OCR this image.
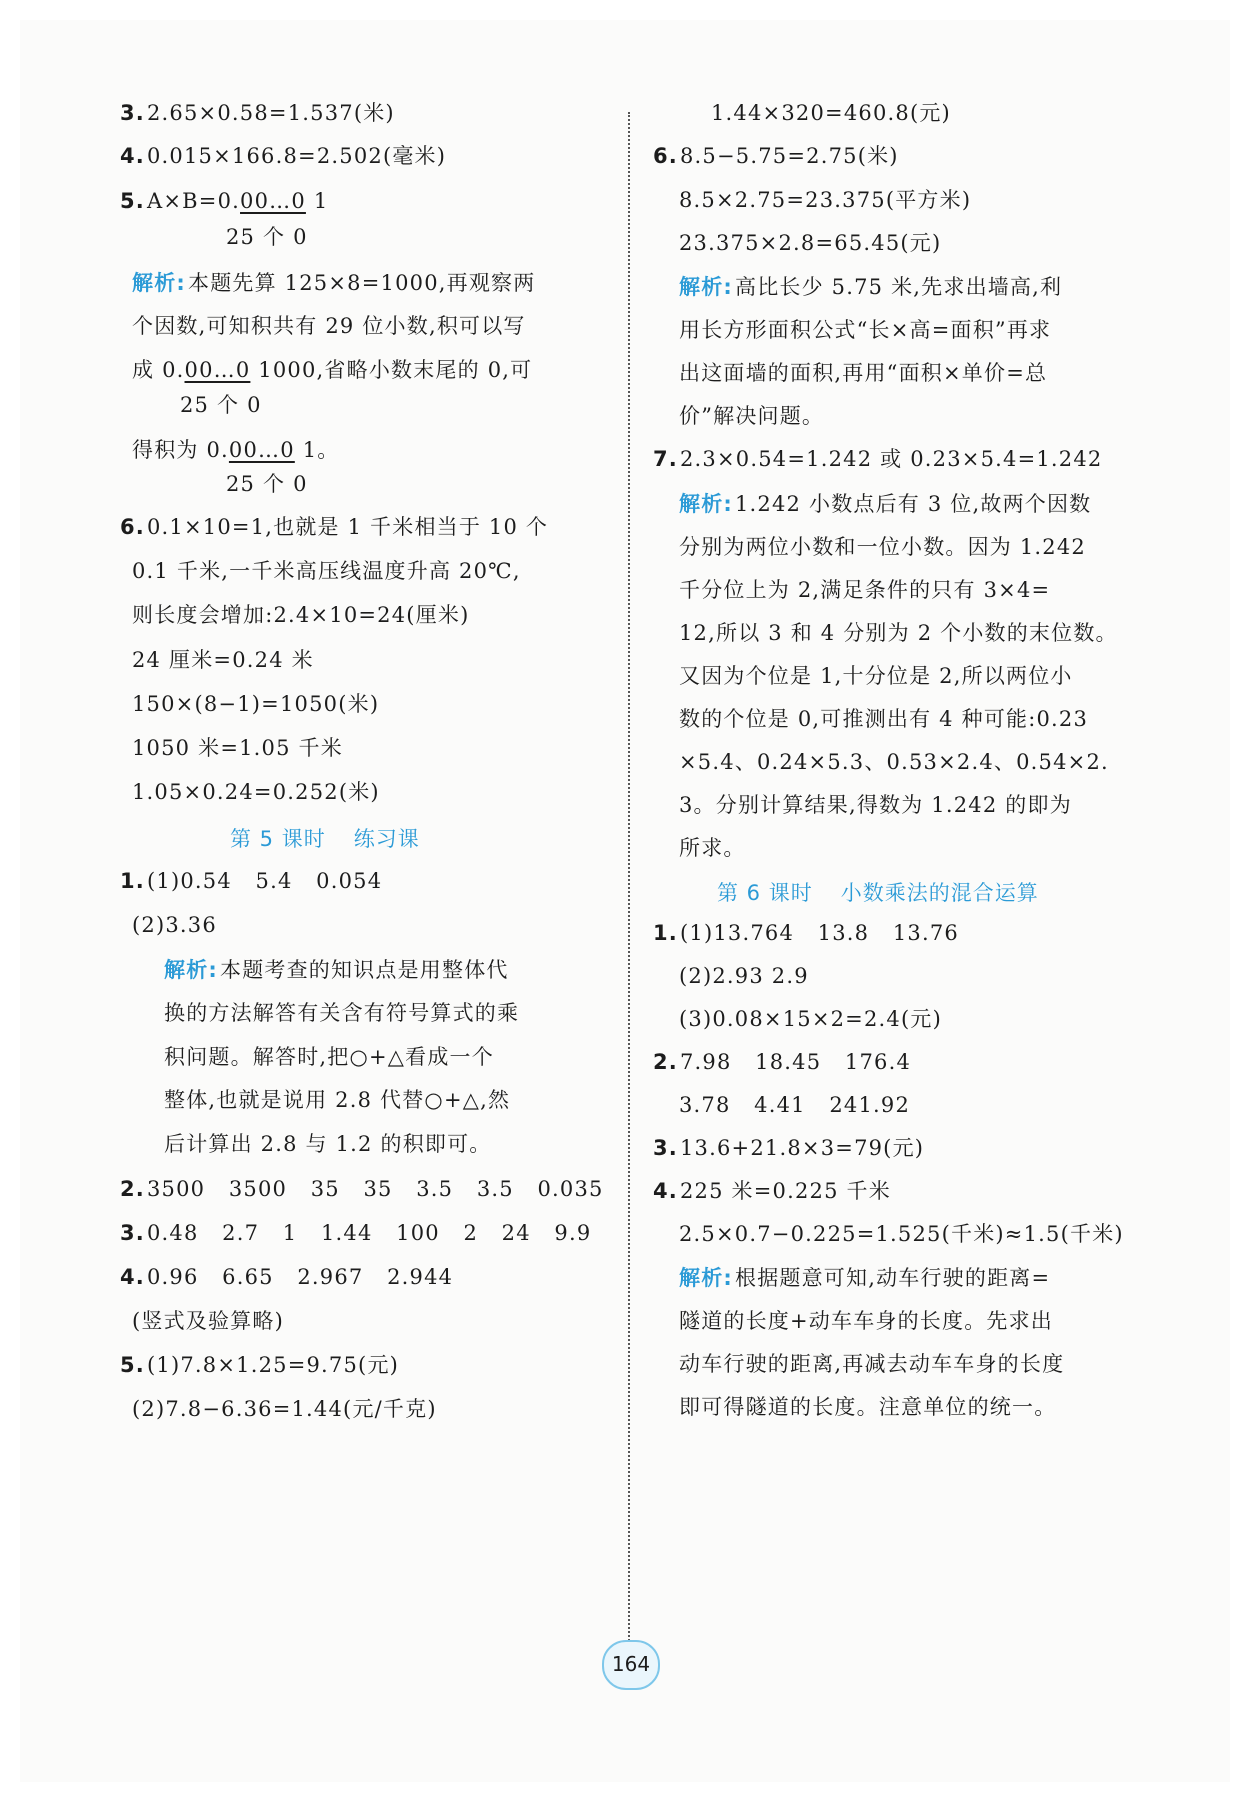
3.2.65×0.58=1.537(米)
4.0.015×166.8=2.502(毫米)
5.A×B=0.00…0 1
25 个 0
解析:本题先算 125×8=1000,再观察两
个因数,可知积共有 29 位小数,积可以写
成 0.00…0 1000,省略小数末尾的 0,可
25 个 0
得积为 0.00…0 1。
25 个 0
6.0.1×10=1,也就是 1 千米相当于 10 个
0.1 千米,一千米高压线温度升高 20℃,
则长度会增加:2.4×10=24(厘米)
24 厘米=0.24 米
150×(8−1)=1050(米)
1050 米=1.05 千米
1.05×0.24=0.252(米)
第 5 课时 练习课
1.(1)0.54   5.4   0.054
(2)3.36
解析:本题考查的知识点是用整体代
换的方法解答有关含有符号算式的乘
积问题。解答时,把○+△看成一个
整体,也就是说用 2.8 代替○+△,然
后计算出 2.8 与 1.2 的积即可。
2.3500   3500   35   35   3.5   3.5   0.035
3.0.48   2.7   1   1.44   100   2   24   9.9
4.0.96   6.65   2.967   2.944
(竖式及验算略)
5.(1)7.8×1.25=9.75(元)
(2)7.8−6.36=1.44(元/千克)
1.44×320=460.8(元)
6.8.5−5.75=2.75(米)
8.5×2.75=23.375(平方米)
23.375×2.8=65.45(元)
解析:高比长少 5.75 米,先求出墙高,利
用长方形面积公式“长×高=面积”再求
出这面墙的面积,再用“面积×单价=总
价”解决问题。
7.2.3×0.54=1.242 或 0.23×5.4=1.242
解析:1.242 小数点后有 3 位,故两个因数
分别为两位小数和一位小数。因为 1.242
千分位上为 2,满足条件的只有 3×4=
12,所以 3 和 4 分别为 2 个小数的末位数。
又因为个位是 1,十分位是 2,所以两位小
数的个位是 0,可推测出有 4 种可能:0.23
×5.4、0.24×5.3、0.53×2.4、0.54×2.
3。分别计算结果,得数为 1.242 的即为
所求。
第 6 课时 小数乘法的混合运算
1.(1)13.764   13.8   13.76
(2)2.93 2.9
(3)0.08×15×2=2.4(元)
2.7.98   18.45   176.4
3.78   4.41   241.92
3.13.6+21.8×3=79(元)
4.225 米=0.225 千米
2.5×0.7−0.225=1.525(千米)≈1.5(千米)
解析:根据题意可知,动车行驶的距离=
隧道的长度+动车车身的长度。先求出
动车行驶的距离,再减去动车车身的长度
即可得隧道的长度。注意单位的统一。
164
